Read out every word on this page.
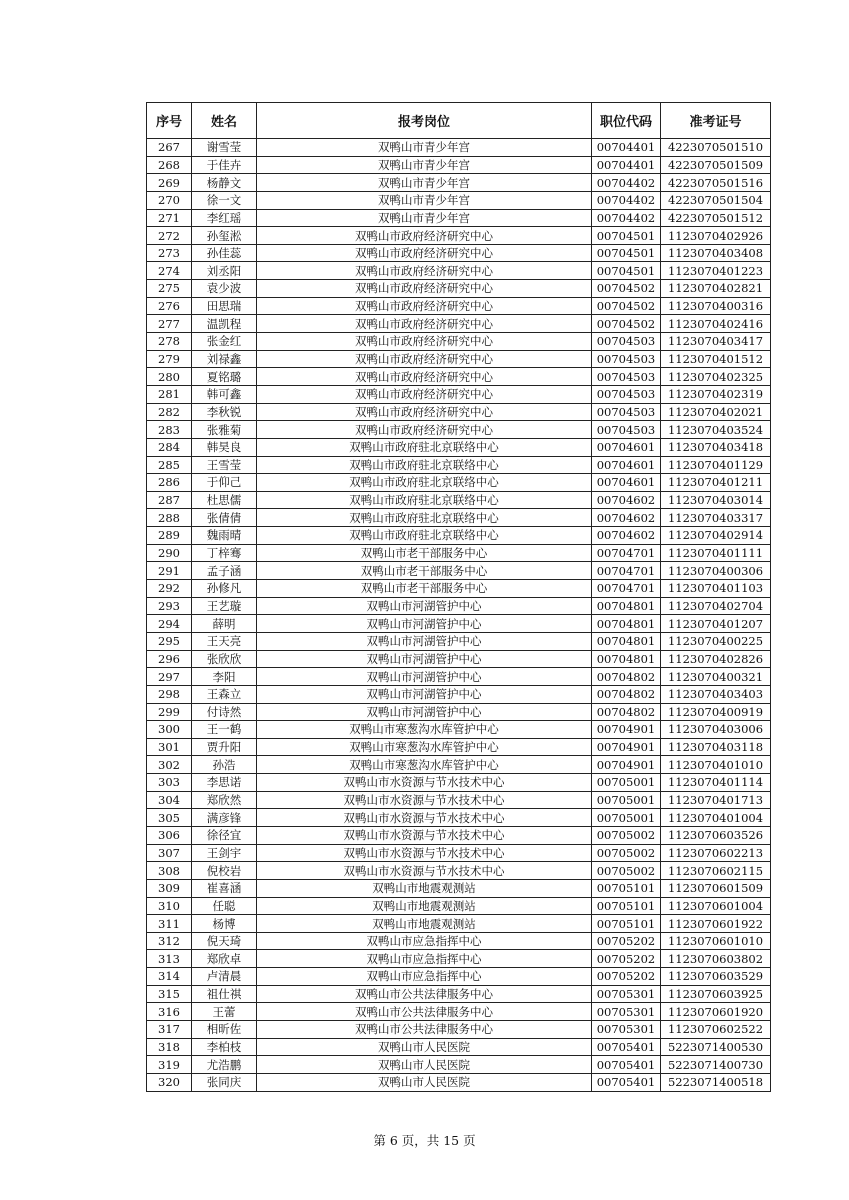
序号	姓名	报考岗位	职位代码	准考证号
267	谢雪莹	双鸭山市青少年宫	00704401	4223070501510
268	于佳卉	双鸭山市青少年宫	00704401	4223070501509
269	杨静文	双鸭山市青少年宫	00704402	4223070501516
270	徐一文	双鸭山市青少年宫	00704402	4223070501504
271	李红瑶	双鸭山市青少年宫	00704402	4223070501512
272	孙玺淞	双鸭山市政府经济研究中心	00704501	1123070402926
273	孙佳蕊	双鸭山市政府经济研究中心	00704501	1123070403408
274	刘丞阳	双鸭山市政府经济研究中心	00704501	1123070401223
275	袁少波	双鸭山市政府经济研究中心	00704502	1123070402821
276	田思瑞	双鸭山市政府经济研究中心	00704502	1123070400316
277	温凯程	双鸭山市政府经济研究中心	00704502	1123070402416
278	张金红	双鸭山市政府经济研究中心	00704503	1123070403417
279	刘禄鑫	双鸭山市政府经济研究中心	00704503	1123070401512
280	夏铭璐	双鸭山市政府经济研究中心	00704503	1123070402325
281	韩可鑫	双鸭山市政府经济研究中心	00704503	1123070402319
282	李秋锐	双鸭山市政府经济研究中心	00704503	1123070402021
283	张雅菊	双鸭山市政府经济研究中心	00704503	1123070403524
284	韩昊良	双鸭山市政府驻北京联络中心	00704601	1123070403418
285	王雪莹	双鸭山市政府驻北京联络中心	00704601	1123070401129
286	于仰己	双鸭山市政府驻北京联络中心	00704601	1123070401211
287	杜思儒	双鸭山市政府驻北京联络中心	00704602	1123070403014
288	张倩倩	双鸭山市政府驻北京联络中心	00704602	1123070403317
289	魏雨晴	双鸭山市政府驻北京联络中心	00704602	1123070402914
290	丁梓骞	双鸭山市老干部服务中心	00704701	1123070401111
291	孟子涵	双鸭山市老干部服务中心	00704701	1123070400306
292	孙修凡	双鸭山市老干部服务中心	00704701	1123070401103
293	王艺璇	双鸭山市河湖管护中心	00704801	1123070402704
294	薛明	双鸭山市河湖管护中心	00704801	1123070401207
295	王天亮	双鸭山市河湖管护中心	00704801	1123070400225
296	张欣欣	双鸭山市河湖管护中心	00704801	1123070402826
297	李阳	双鸭山市河湖管护中心	00704802	1123070400321
298	王森立	双鸭山市河湖管护中心	00704802	1123070403403
299	付诗然	双鸭山市河湖管护中心	00704802	1123070400919
300	王一鹤	双鸭山市寒葱沟水库管护中心	00704901	1123070403006
301	贾升阳	双鸭山市寒葱沟水库管护中心	00704901	1123070403118
302	孙浩	双鸭山市寒葱沟水库管护中心	00704901	1123070401010
303	李思诺	双鸭山市水资源与节水技术中心	00705001	1123070401114
304	郑欣然	双鸭山市水资源与节水技术中心	00705001	1123070401713
305	满彦锋	双鸭山市水资源与节水技术中心	00705001	1123070401004
306	徐径宜	双鸭山市水资源与节水技术中心	00705002	1123070603526
307	王剑宇	双鸭山市水资源与节水技术中心	00705002	1123070602213
308	倪校岩	双鸭山市水资源与节水技术中心	00705002	1123070602115
309	崔喜涵	双鸭山市地震观测站	00705101	1123070601509
310	任聪	双鸭山市地震观测站	00705101	1123070601004
311	杨博	双鸭山市地震观测站	00705101	1123070601922
312	倪天琦	双鸭山市应急指挥中心	00705202	1123070601010
313	郑欣卓	双鸭山市应急指挥中心	00705202	1123070603802
314	卢清晨	双鸭山市应急指挥中心	00705202	1123070603529
315	祖仕祺	双鸭山市公共法律服务中心	00705301	1123070603925
316	王蕾	双鸭山市公共法律服务中心	00705301	1123070601920
317	相昕佐	双鸭山市公共法律服务中心	00705301	1123070602522
318	李柏枝	双鸭山市人民医院	00705401	5223071400530
319	尤浩鹏	双鸭山市人民医院	00705401	5223071400730
320	张同庆	双鸭山市人民医院	00705401	5223071400518
第 6 页，共 15 页
